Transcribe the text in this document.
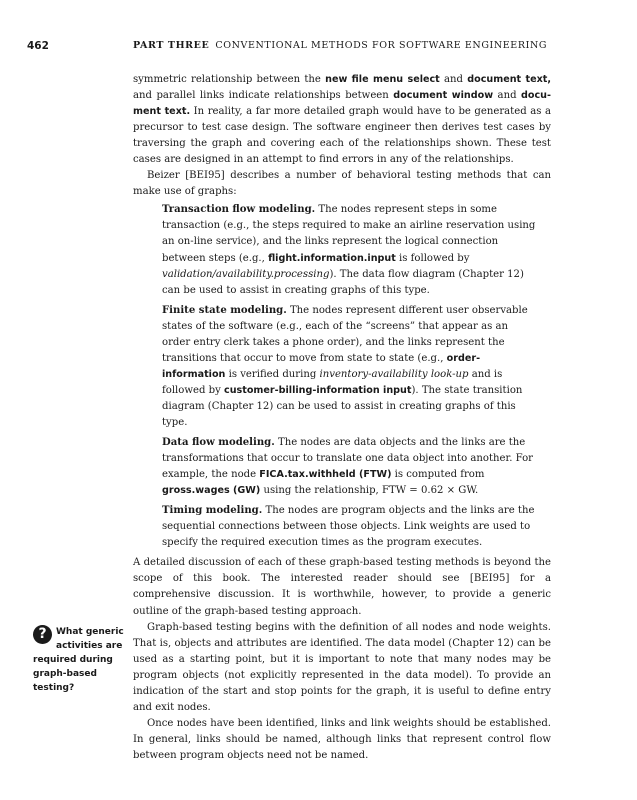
462	PART THREE CONVENTIONAL METHODS FOR SOFTWARE ENGINEERING
?	What generic activities are required during graph-based testing?

symmetric relationship between the new file menu select and document text, and parallel links indicate relationships between document window and document text. In reality, a far more detailed graph would have to be generated as a precursor to test case design. The software engineer then derives test cases by traversing the graph and covering each of the relationships shown. These test cases are designed in an attempt to find errors in any of the relationships.

Beizer [BEI95] describes a number of behavioral testing methods that can make use of graphs:

Transaction flow modeling. The nodes represent steps in some transaction (e.g., the steps required to make an airline reservation using an on-line service), and the links represent the logical connection between steps (e.g., flight.information.input is followed by validation/availability.processing). The data flow diagram (Chapter 12) can be used to assist in creating graphs of this type.

Finite state modeling. The nodes represent different user observable states of the software (e.g., each of the “screens” that appear as an order entry clerk takes a phone order), and the links represent the transitions that occur to move from state to state (e.g., order-information is verified during inventory-availability look-up and is followed by customer-billing-information input). The state transition diagram (Chapter 12) can be used to assist in creating graphs of this type.

Data flow modeling. The nodes are data objects and the links are the transformations that occur to translate one data object into another. For example, the node FICA.tax.withheld (FTW) is computed from gross.wages (GW) using the relationship, FTW = 0.62 × GW.

Timing modeling. The nodes are program objects and the links are the sequential connections between those objects. Link weights are used to specify the required execution times as the program executes.

A detailed discussion of each of these graph-based testing methods is beyond the scope of this book. The interested reader should see [BEI95] for a comprehensive discussion. It is worthwhile, however, to provide a generic outline of the graph-based testing approach.

Graph-based testing begins with the definition of all nodes and node weights. That is, objects and attributes are identified. The data model (Chapter 12) can be used as a starting point, but it is important to note that many nodes may be program objects (not explicitly represented in the data model). To provide an indication of the start and stop points for the graph, it is useful to define entry and exit nodes.

Once nodes have been identified, links and link weights should be established. In general, links should be named, although links that represent control flow between program objects need not be named.
